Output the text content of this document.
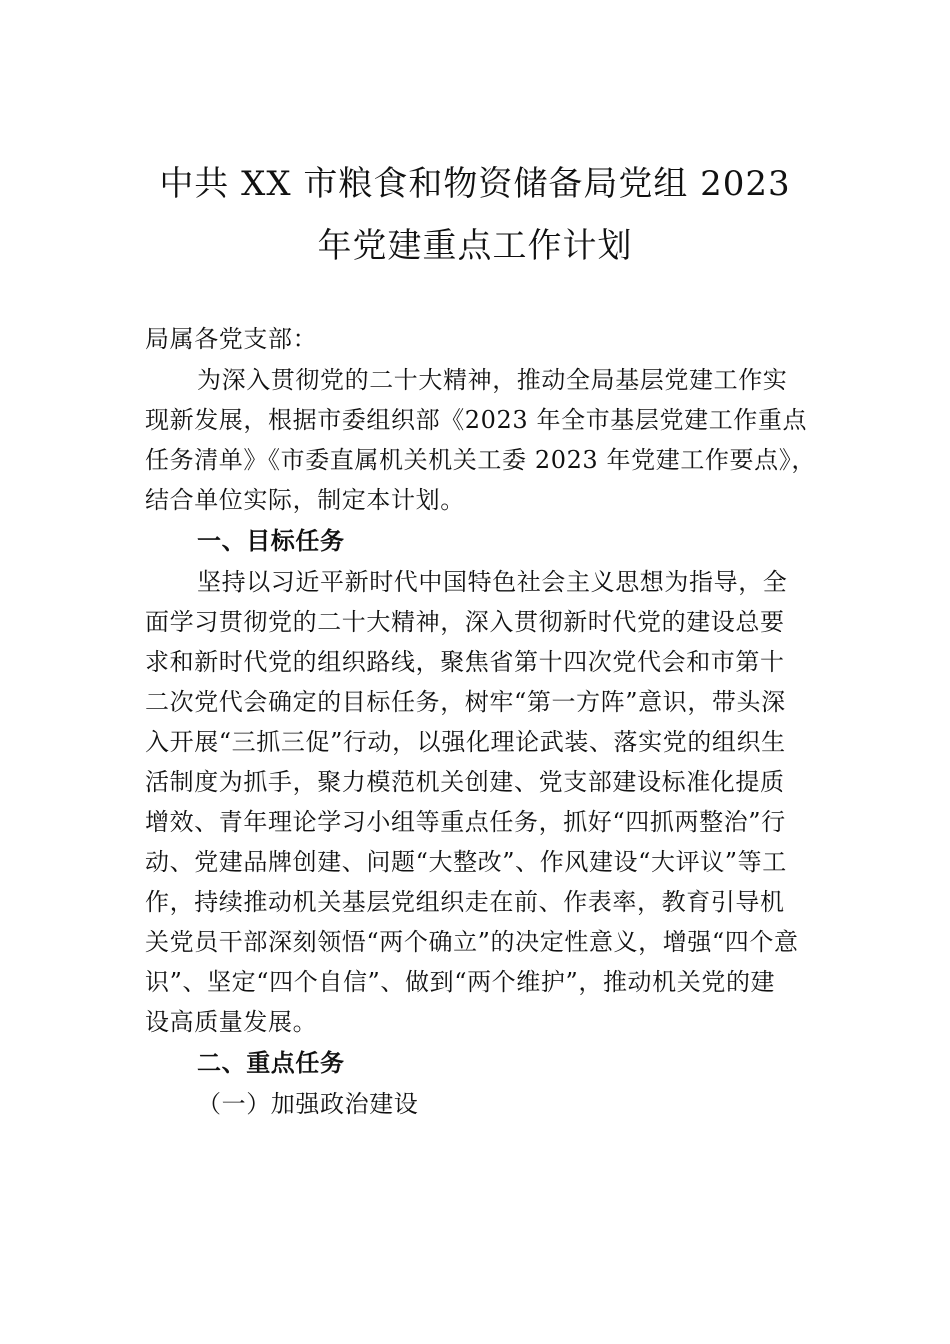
中共 XX 市粮食和物资储备局党组 2023
年党建重点工作计划
局属各党支部：
为深入贯彻党的二十大精神，推动全局基层党建工作实
现新发展，根据市委组织部《2023 年全市基层党建工作重点
任务清单》《市委直属机关机关工委 2023 年党建工作要点》，
结合单位实际，制定本计划。
一、目标任务
坚持以习近平新时代中国特色社会主义思想为指导，全
面学习贯彻党的二十大精神，深入贯彻新时代党的建设总要
求和新时代党的组织路线，聚焦省第十四次党代会和市第十
二次党代会确定的目标任务，树牢“第一方阵”意识，带头深
入开展“三抓三促”行动，以强化理论武装、落实党的组织生
活制度为抓手，聚力模范机关创建、党支部建设标准化提质
增效、青年理论学习小组等重点任务，抓好“四抓两整治”行
动、党建品牌创建、问题“大整改”、作风建设“大评议”等工
作，持续推动机关基层党组织走在前、作表率，教育引导机
关党员干部深刻领悟“两个确立”的决定性意义，增强“四个意
识”、坚定“四个自信”、做到“两个维护”，推动机关党的建
设高质量发展。
二、重点任务
（一）加强政治建设
